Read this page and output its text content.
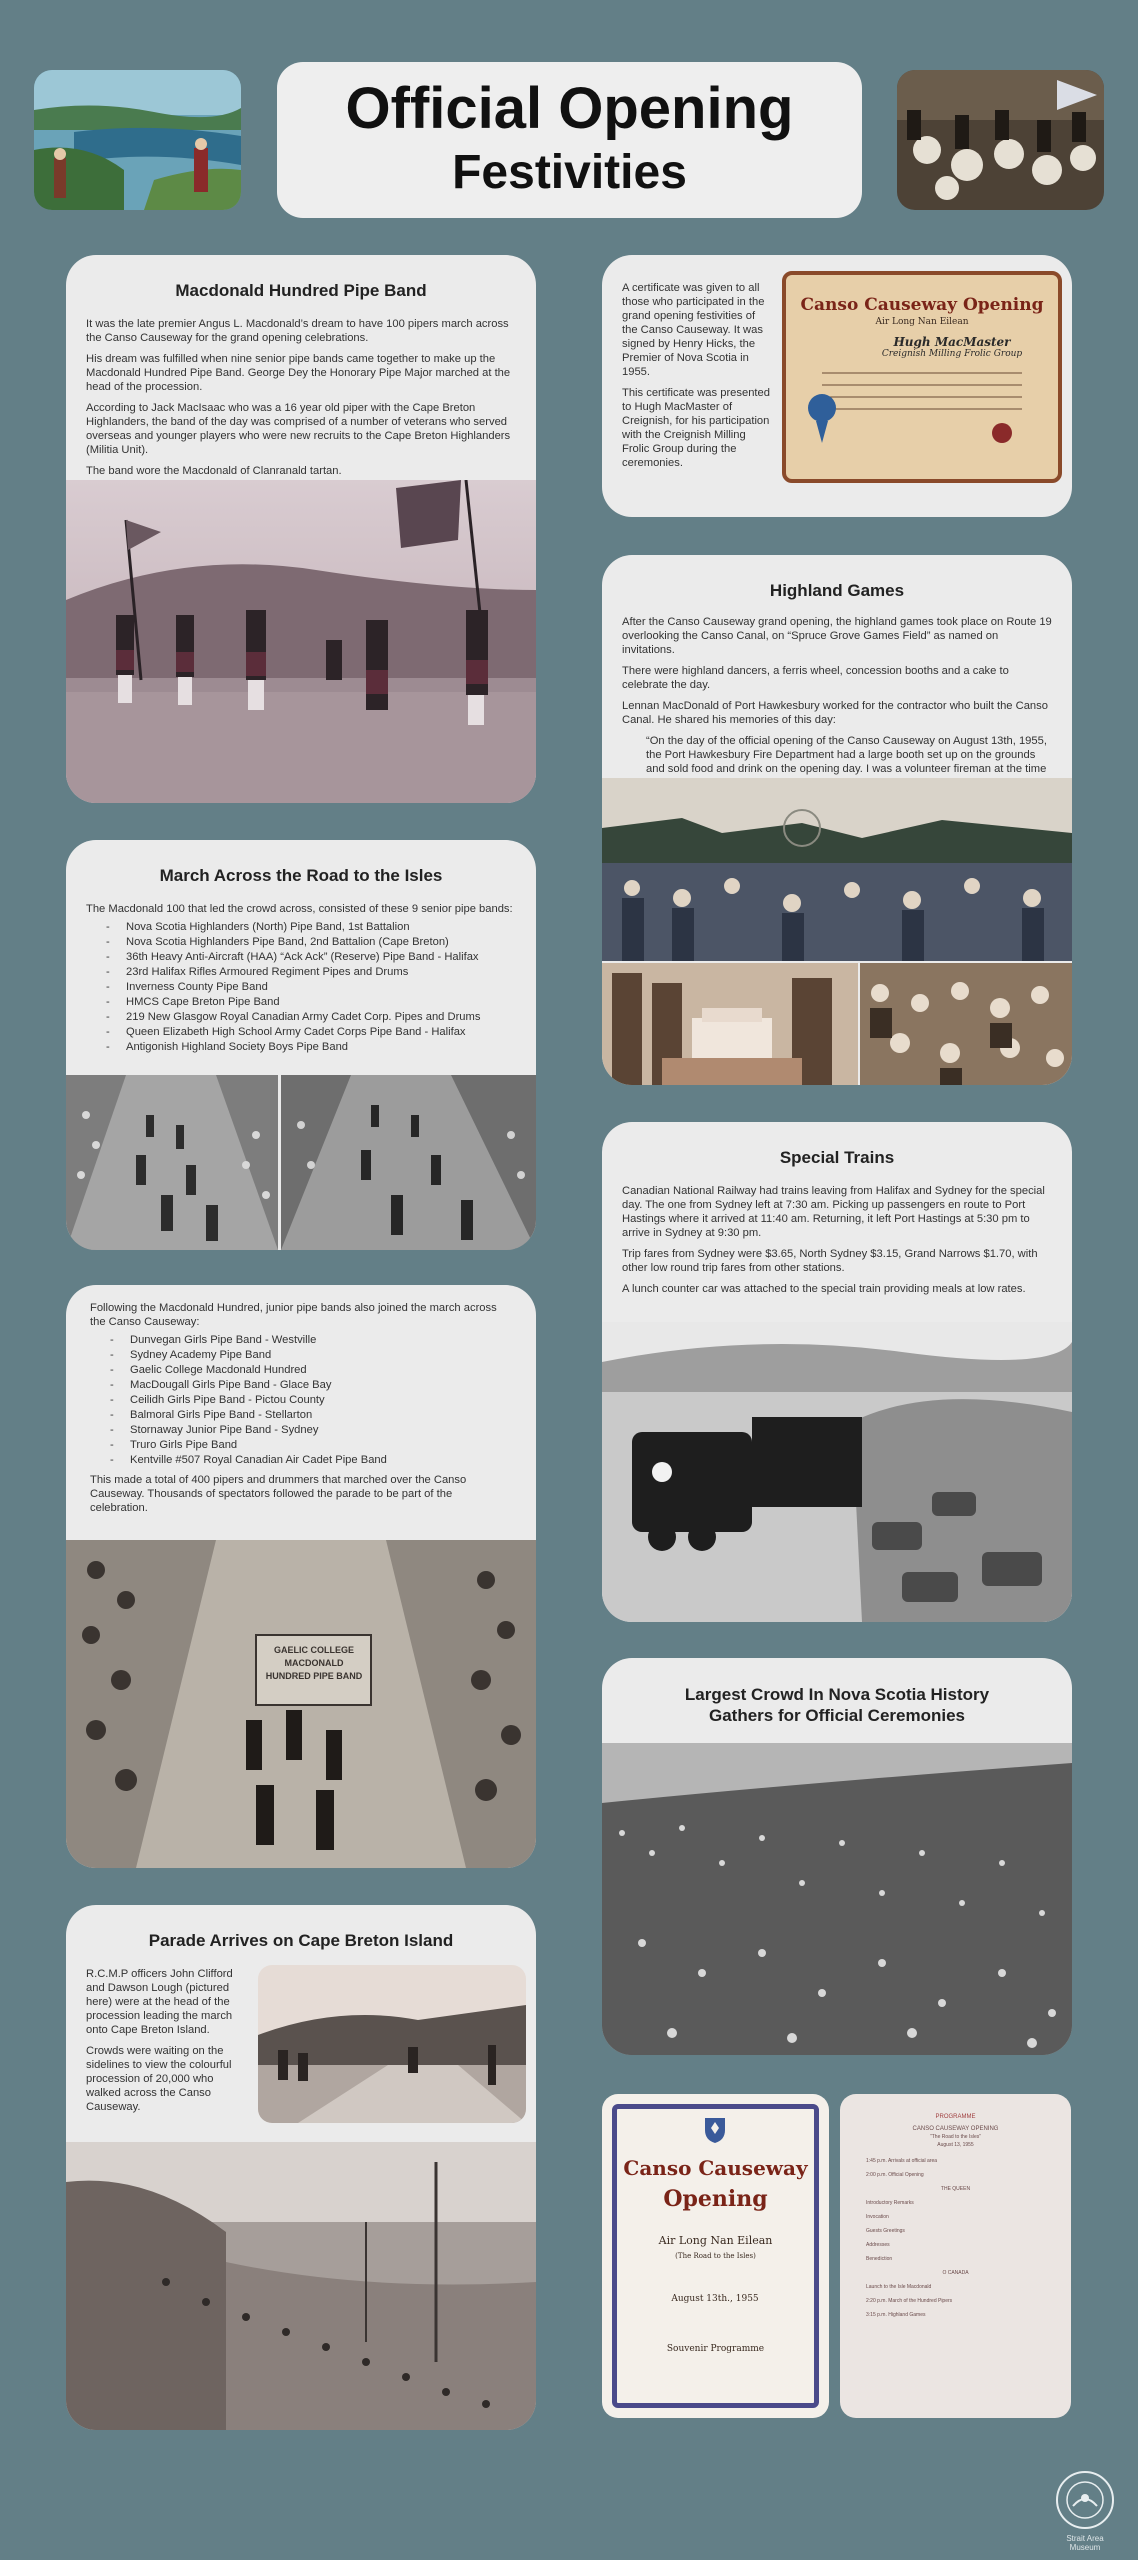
Official Opening
Festivities
Macdonald Hundred Pipe Band

It was the late premier Angus L. Macdonald’s dream to have 100 pipers march across the Canso Causeway for the grand opening celebrations.

His dream was fulfilled when nine senior pipe bands came together to make up the Macdonald Hundred Pipe Band. George Dey the Honorary Pipe Major marched at the head of the procession.

According to Jack MacIsaac who was a 16 year old piper with the Cape Breton Highlanders, the band of the day was comprised of a number of veterans who served overseas and younger players who were new recruits to the Cape Breton Highlanders (Militia Unit).

The band wore the Macdonald of Clanranald tartan.

A certificate was given to all those who participated in the grand opening festivities of the Canso Causeway. It was signed by Henry Hicks, the Premier of Nova Scotia in 1955.

This certificate was presented to Hugh MacMaster of Creignish, for his participation with the Creignish Milling Frolic Group during the ceremonies.

Canso Causeway Opening
Air Long Nan Eilean
Hugh MacMaster
Creignish Milling Frolic Group
Highland Games

After the Canso Causeway grand opening, the highland games took place on Route 19 overlooking the Canso Canal, on “Spruce Grove Games Field” as named on invitations.

There were highland dancers, a ferris wheel, concession booths and a cake to celebrate the day.

Lennan MacDonald of Port Hawkesbury worked for the contractor who built the Canso Canal. He shared his memories of this day:

“On the day of the official opening of the Canso Causeway on August 13th, 1955, the Port Hawkesbury Fire Department had a large booth set up on the grounds and sold food and drink on the opening day. I was a volunteer fireman at the time

March Across the Road to the Isles

The Macdonald 100 that led the crowd across, consisted of these 9 senior pipe bands:

- Nova Scotia Highlanders (North) Pipe Band, 1st Battalion
- Nova Scotia Highlanders Pipe Band, 2nd Battalion (Cape Breton)
- 36th Heavy Anti-Aircraft (HAA) “Ack Ack” (Reserve) Pipe Band - Halifax
- 23rd Halifax Rifles Armoured Regiment Pipes and Drums
- Inverness County Pipe Band
- HMCS Cape Breton Pipe Band
- 219 New Glasgow Royal Canadian Army Cadet Corp. Pipes and Drums
- Queen Elizabeth High School Army Cadet Corps Pipe Band - Halifax
- Antigonish Highland Society Boys Pipe Band
Special Trains

Canadian National Railway had trains leaving from Halifax and Sydney for the special day. The one from Sydney left at 7:30 am. Picking up passengers en route to Port Hastings where it arrived at 11:40 am. Returning, it left Port Hastings at 5:30 pm to arrive in Sydney at 9:30 pm.

Trip fares from Sydney were $3.65, North Sydney $3.15, Grand Narrows $1.70, with other low round trip fares from other stations.

A lunch counter car was attached to the special train providing meals at low rates.

Following the Macdonald Hundred, junior pipe bands also joined the march across the Canso Causeway:

- Dunvegan Girls Pipe Band - Westville
- Sydney Academy Pipe Band
- Gaelic College Macdonald Hundred
- MacDougall Girls Pipe Band - Glace Bay
- Ceilidh Girls Pipe Band - Pictou County
- Balmoral Girls Pipe Band - Stellarton
- Stornaway Junior Pipe Band - Sydney
- Truro Girls Pipe Band
- Kentville #507 Royal Canadian Air Cadet Pipe Band

This made a total of 400 pipers and drummers that marched over the Canso Causeway. Thousands of spectators followed the parade to be part of the celebration.

GAELIC COLLEGE MACDONALD HUNDRED PIPE BAND
Largest Crowd In Nova Scotia History
Gathers for Official Ceremonies
Parade Arrives on Cape Breton Island

R.C.M.P officers John Clifford and Dawson Lough (pictured here) were at the head of the procession leading the march onto Cape Breton Island.

Crowds were waiting on the sidelines to view the colourful procession of 20,000 who walked across the Canso Causeway.

Canso Causeway
Opening
Air Long Nan Eilean
(The Road to the Isles)
August 13th., 1955
Souvenir Programme
PROGRAMME
CANSO CAUSEWAY OPENING
“The Road to the Isles”
August 13, 1955
1:45 p.m. Arrivals at official area
2:00 p.m. Official Opening
THE QUEEN
Introductory Remarks
Invocation
Guests Greetings
Addresses
Benediction
O CANADA
Launch to the Isle Macdonald
2:20 p.m. March of the Hundred Pipers
3:15 p.m. Highland Games
Strait Area Museum
